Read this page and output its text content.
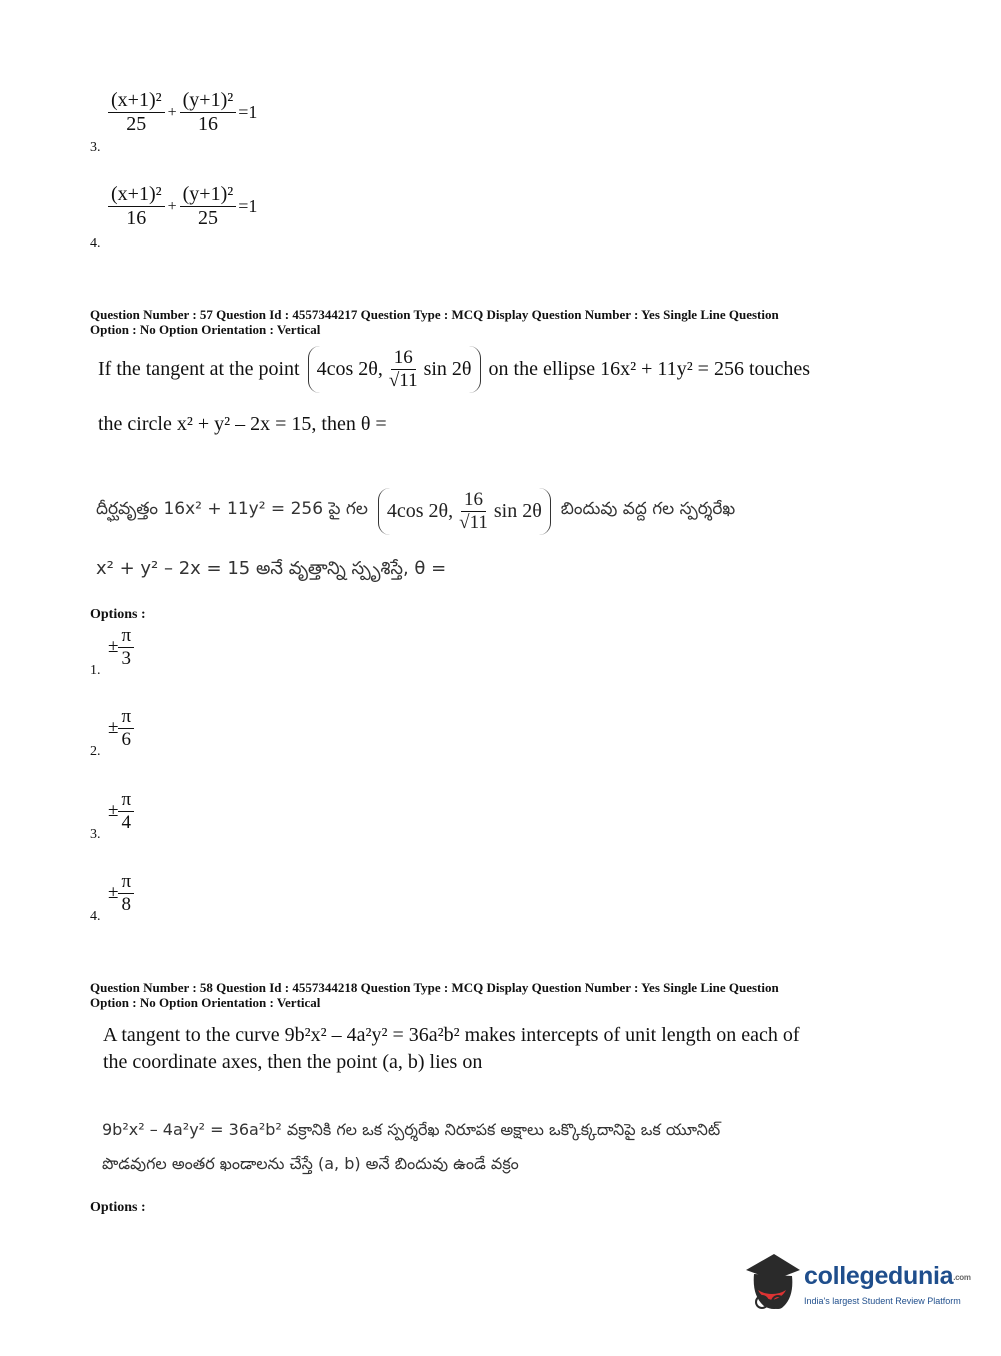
3.
$\frac{\text{(x+1)²}}{25} + \frac{\text{(y+1)²}}{16} =1$
4.
$\frac{\text{(x+1)²}}{16} + \frac{\text{(y+1)²}}{25} =1$
Question Number : 57 Question Id : 4557344217 Question Type : MCQ Display Question Number : Yes Single Line Question
Option : No Option Orientation : Vertical
If the tangent at the point 4cos 2θ, $\frac{16}{√11}$ sin 2θ on the ellipse 16x² + 11y² = 256 touches
the circle x² + y² – 2x = 15, then θ =
దీర్ఘవృత్తం 16x² + 11y² = 256 పై గల 4cos 2θ, $\frac{16}{√11}$ sin 2θ బిందువు వద్ద గల స్పర్శరేఖ
x² + y² – 2x = 15 అనే వృత్తాన్ని స్పృశిస్తే, θ =
Options :
1.
± $\frac{\pi}{3}$
2.
± $\frac{\pi}{6}$
3.
± $\frac{\pi}{4}$
4.
± $\frac{\pi}{8}$
Question Number : 58 Question Id : 4557344218 Question Type : MCQ Display Question Number : Yes Single Line Question
Option : No Option Orientation : Vertical
A tangent to the curve 9b²x² – 4a²y² = 36a²b² makes intercepts of unit length on each of
the coordinate axes, then the point (a, b) lies on
9b²x² – 4a²y² = 36a²b² వక్రానికి గల ఒక స్పర్శరేఖ నిరూపక అక్షాలు ఒక్కొక్కదానిపై ఒక యూనిట్
పొడవుగల అంతర ఖండాలను చేస్తే (a, b) అనే బిందువు ఉండే వక్రం
Options :
collegedunia.com
India's largest Student Review Platform
